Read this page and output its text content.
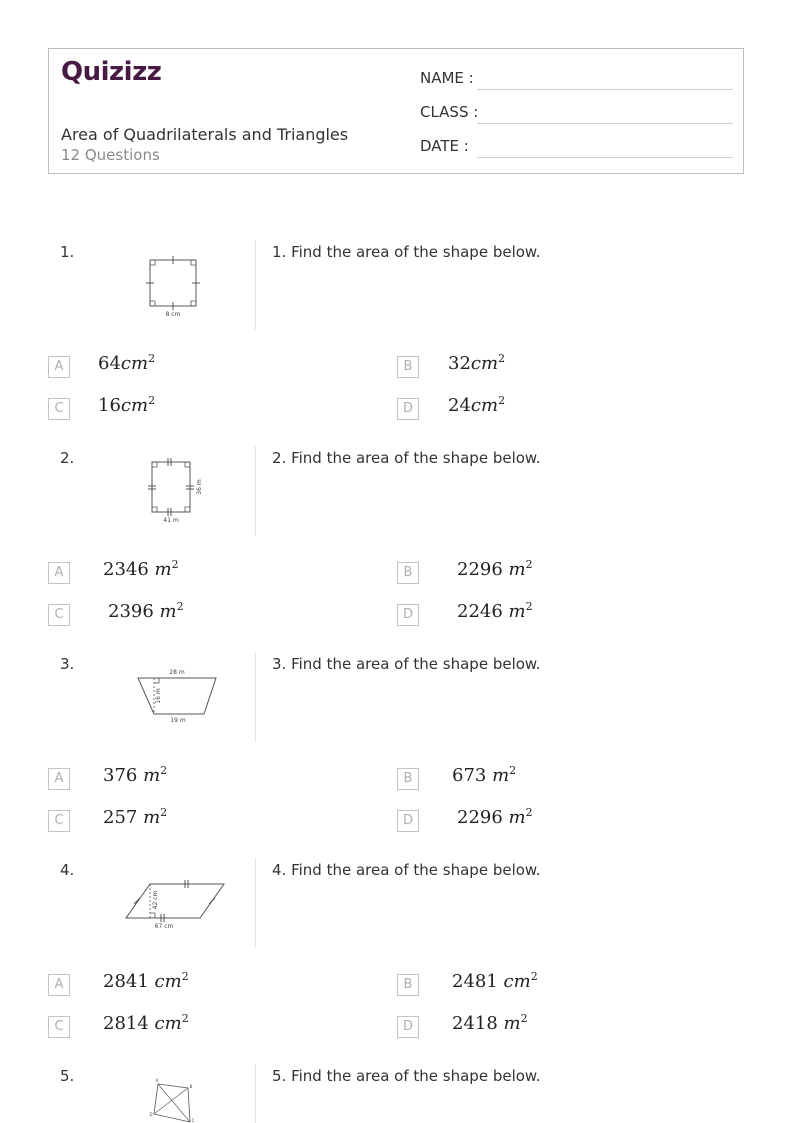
Quizizz
Area of Quadrilaterals and Triangles
12 Questions
NAME :
CLASS :
DATE :
1.
8 cm
1. Find the area of the shape below.
A	$64cm^2$
B	$32cm^2$
C	$16cm^2$
D	$24cm^2$
2.
41 m
36 m
2. Find the area of the shape below.
A	2346 $m^2$
B	2296 $m^2$
C	2396 $m^2$
D	2246 $m^2$
3.	28 m
16 m
19 m
3. Find the area of the shape below.
A	376 $m^2$
B	673 $m^2$
C	257 $m^2$
D	2296 $m^2$
4.
42 cm
67 cm
4. Find the area of the shape below.
A	2841 $cm^2$
B	2481 $cm^2$
C	2814 $cm^2$
D	2418 $m^2$
5.	A
B
D
C
5. Find the area of the shape below.
